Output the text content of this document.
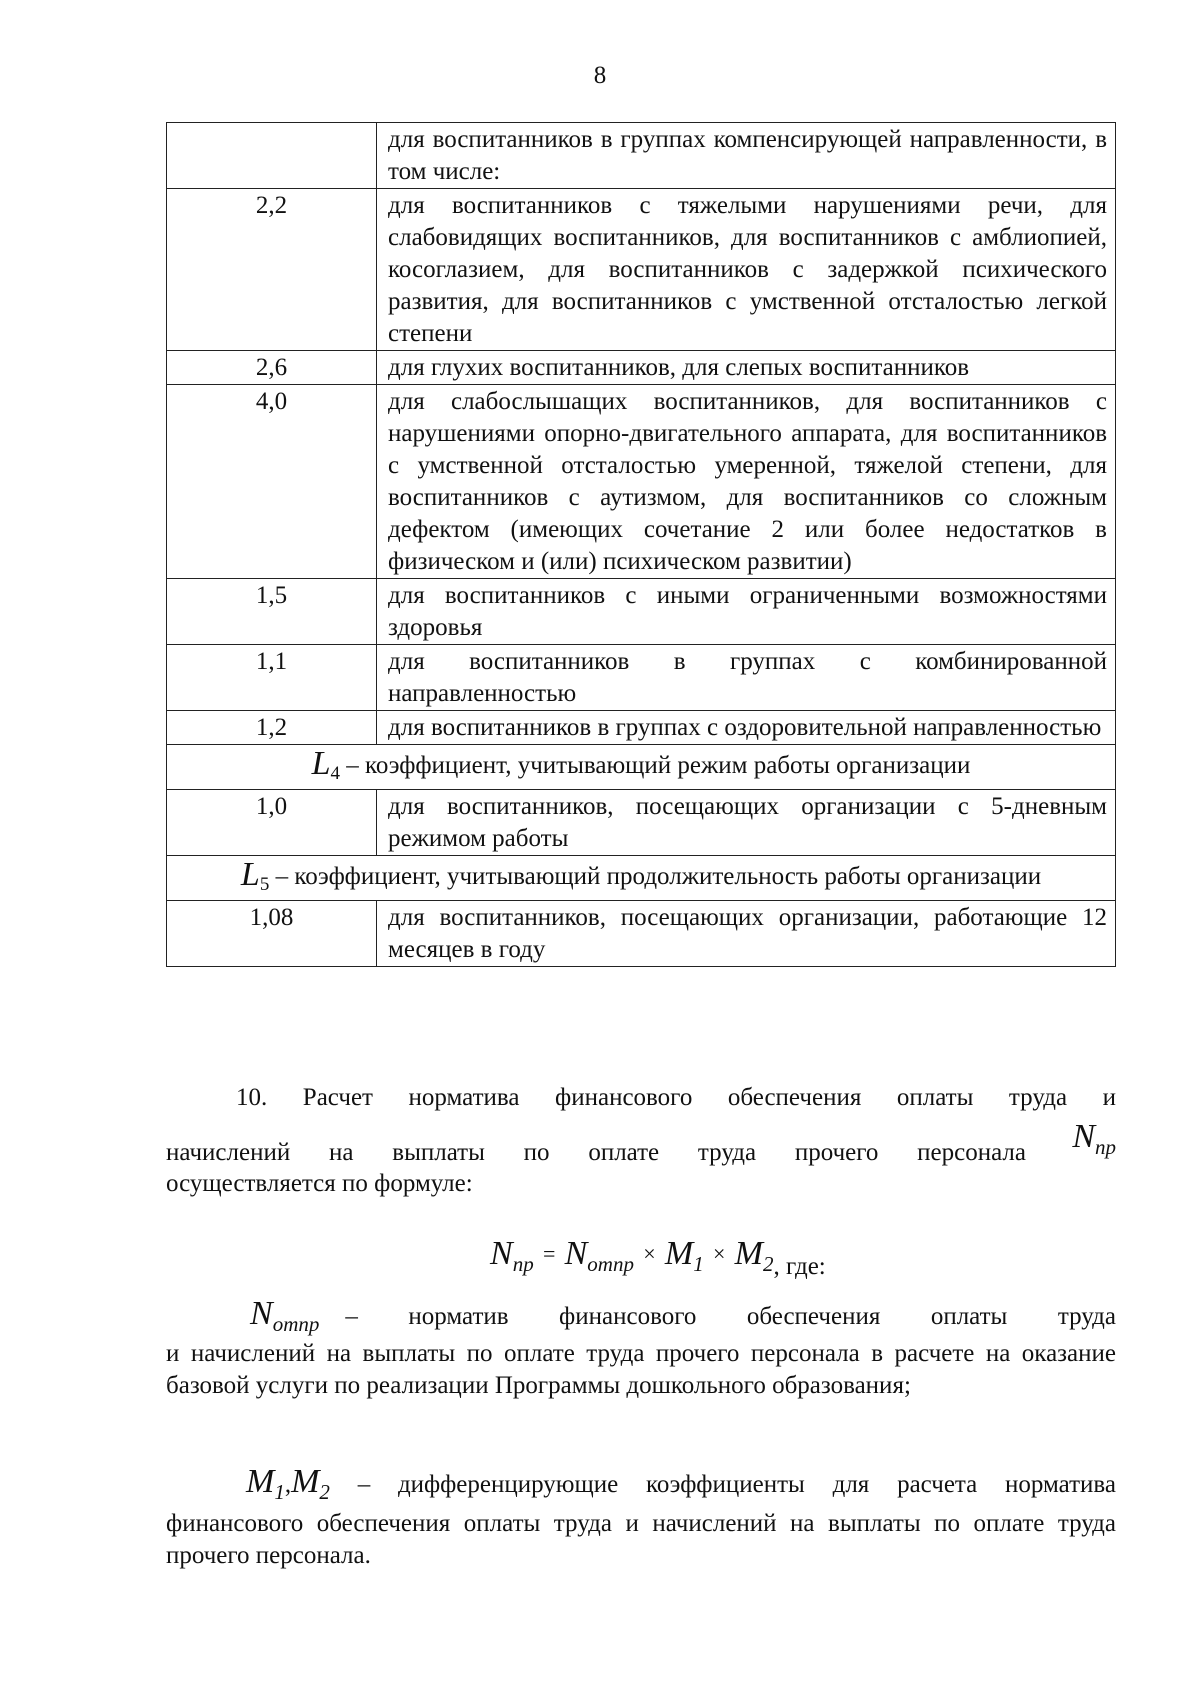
8
	для воспитанников в группах компенсирующей направленности, в том числе:
2,2	для воспитанников с тяжелыми нарушениями речи, для слабовидящих воспитанников, для воспитанников с амблиопией, косоглазием, для воспитанников с задержкой психического развития, для воспитанников с умственной отсталостью легкой степени
2,6	для глухих воспитанников, для слепых воспитанников
4,0	для слабослышащих воспитанников, для воспитанников с нарушениями опорно-двигательного аппарата, для воспитанников с умственной отсталостью умеренной, тяжелой степени, для воспитанников с аутизмом, для воспитанников со сложным дефектом (имеющих сочетание 2 или более недостатков в физическом и (или) психическом развитии)
1,5	для воспитанников с иными ограниченными возможностями здоровья
1,1	для воспитанников в группах с комбинированной направленностью
1,2	для воспитанников в группах с оздоровительной направленностью
$L_4$ – коэффициент, учитывающий режим работы организации	
1,0	для воспитанников, посещающих организации с 5-дневным режимом работы
$L_5$ – коэффициент, учитывающий продолжительность работы организации	
1,08	для воспитанников, посещающих организации, работающие 12 месяцев в году
10. Расчет норматива финансового обеспечения оплаты труда и
начислений на выплаты по оплате труда прочего персонала Nпр
осуществляется по формуле:
$N_{пр} = N_{отпр} \times M_1 \times M_2$, где:
$N_{отпр}$	– норматив финансового обеспечения оплаты труда
и начислений на выплаты по оплате труда прочего персонала в расчете на оказание базовой услуги по реализации Программы дошкольного образования;
$M_1,M_2$ – дифференцирующие коэффициенты для расчета норматива финансового обеспечения оплаты труда и начислений на выплаты по оплате труда прочего персонала.
